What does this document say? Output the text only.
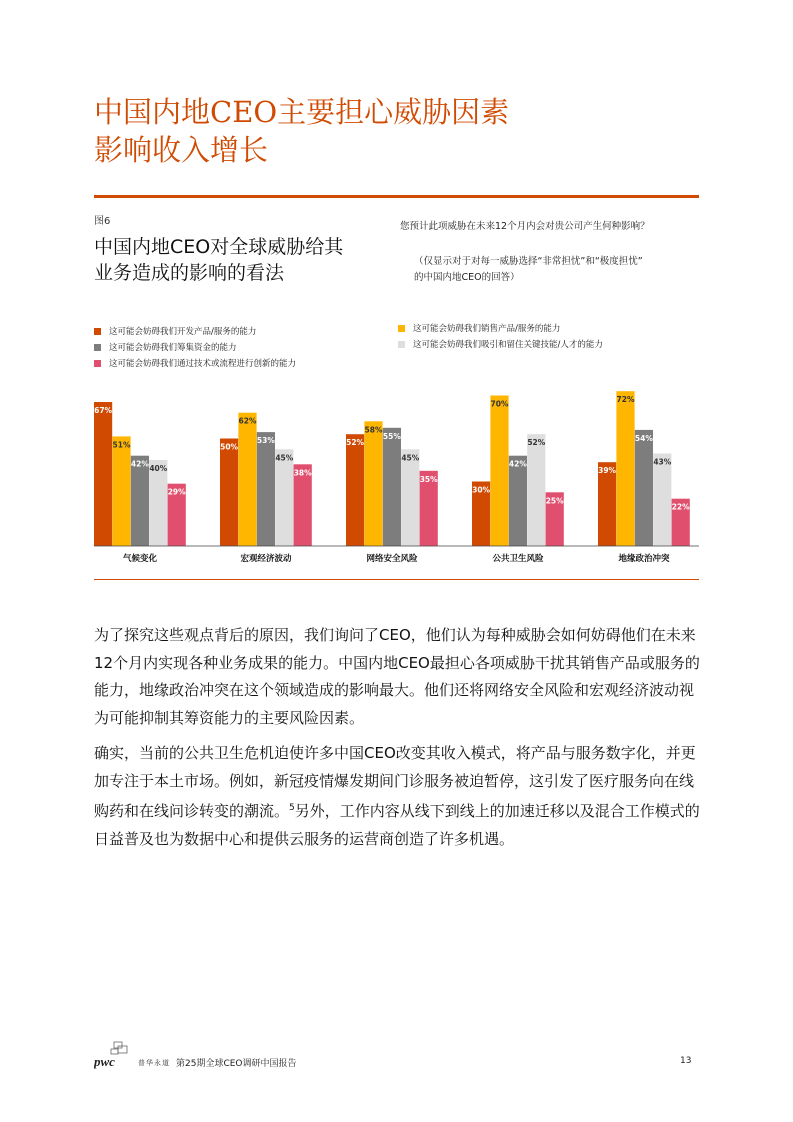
中国内地CEO主要担心威胁因素
影响收入增长
图6
中国内地CEO对全球威胁给其
业务造成的影响的看法
您预计此项威胁在未来12个月内会对贵公司产生何种影响？
（仅显示对于对每一威胁选择“非常担忧”和“极度担忧”
的中国内地CEO的回答）
这可能会妨碍我们开发产品/服务的能力
这可能会妨碍我们筹集资金的能力
这可能会妨碍我们通过技术或流程进行创新的能力
这可能会妨碍我们销售产品/服务的能力
这可能会妨碍我们吸引和留住关键技能/人才的能力
67%
51%
42% 40%
29%
气候变化
50%
62%
53%
45%
38%
宏观经济波动
52%
58%
55%
45%
35%
网络安全风险
30%
70%
42%
52%
25%
公共卫生风险
39%
72%
54%
43%
22%
地缘政治冲突

为了探究这些观点背后的原因，我们询问了CEO，他们认为每种威胁会如何妨碍他们在未来12个月内实现各种业务成果的能力。中国内地CEO最担心各项威胁干扰其销售产品或服务的能力，地缘政治冲突在这个领域造成的影响最大。他们还将网络安全风险和宏观经济波动视为可能抑制其筹资能力的主要风险因素。

确实，当前的公共卫生危机迫使许多中国CEO改变其收入模式，将产品与服务数字化，并更加专注于本土市场。例如，新冠疫情爆发期间门诊服务被迫暂停，这引发了医疗服务向在线购药和在线问诊转变的潮流。$^5$另外，工作内容从线下到线上的加速迁移以及混合工作模式的日益普及也为数据中心和提供云服务的运营商创造了许多机遇。

pwc	普华永道 第25期全球CEO调研中国报告	13
